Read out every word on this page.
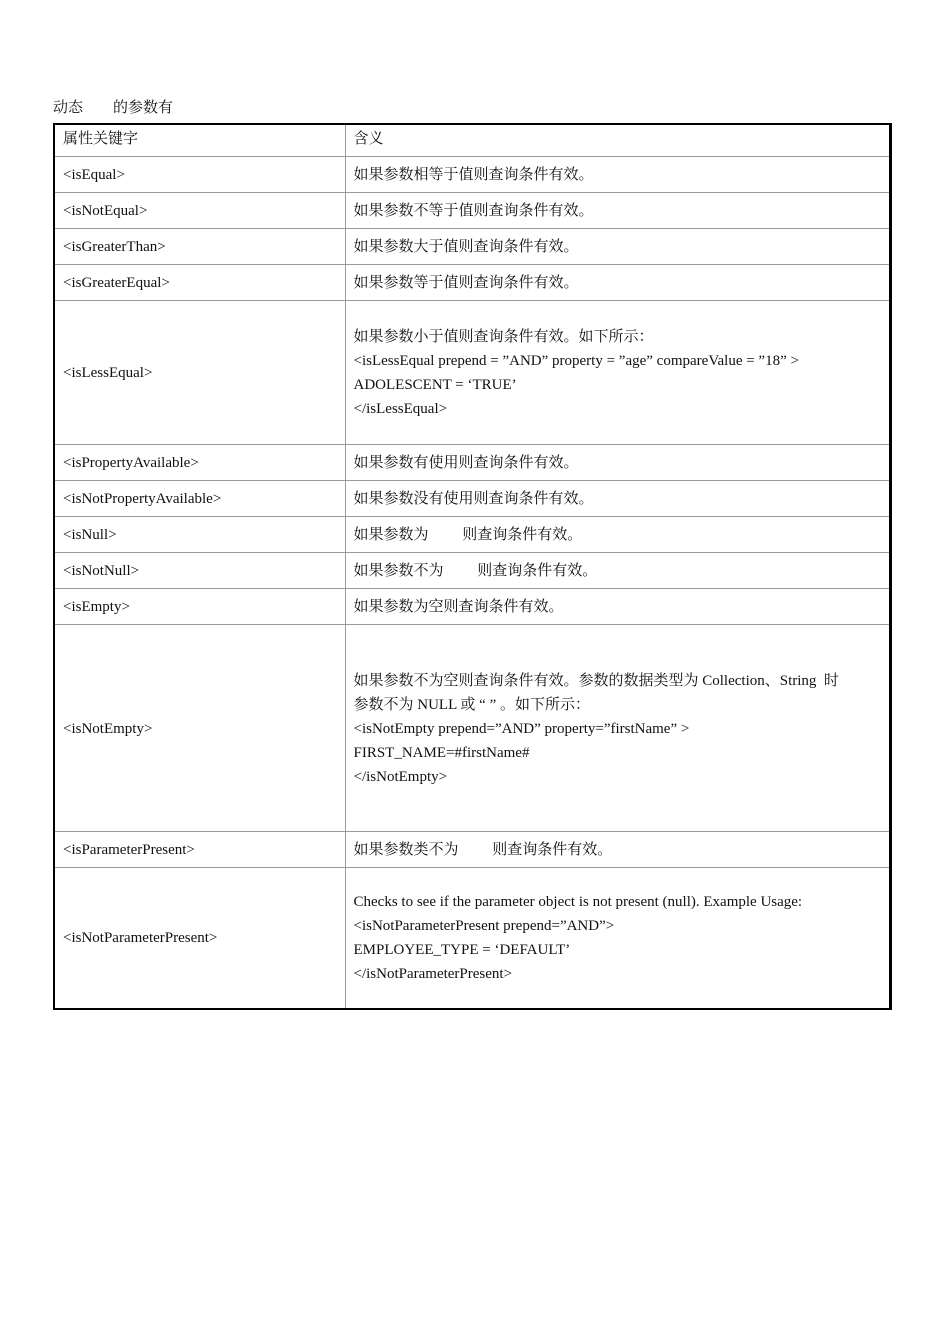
动态        的参数有
属性关键字	含义
<isEqual>	如果参数相等于值则查询条件有效。

<isNotEqual>	如果参数不等于值则查询条件有效。

<isGreaterThan>	如果参数大于值则查询条件有效。

<isGreaterEqual>	如果参数等于值则查询条件有效。

<isLessEqual>	如果参数小于值则查询条件有效。如下所示：
<isLessEqual prepend = ”AND” property = ”age” compareValue = ”18” >
ADOLESCENT = ‘TRUE’
</isLessEqual>

<isPropertyAvailable>	如果参数有使用则查询条件有效。

<isNotPropertyAvailable>	如果参数没有使用则查询条件有效。

<isNull>	如果参数为         则查询条件有效。

<isNotNull>	如果参数不为         则查询条件有效。

<isEmpty>	如果参数为空则查询条件有效。

<isNotEmpty>	如果参数不为空则查询条件有效。参数的数据类型为 Collection、String  时
参数不为 NULL 或 “ ” 。如下所示：
<isNotEmpty prepend=”AND” property=”firstName” >
FIRST_NAME=#firstName#
</isNotEmpty>

<isParameterPresent>	如果参数类不为         则查询条件有效。

<isNotParameterPresent>	Checks to see if the parameter object is not present (null). Example Usage:
<isNotParameterPresent prepend=”AND”>
EMPLOYEE_TYPE = ‘DEFAULT’
</isNotParameterPresent>
